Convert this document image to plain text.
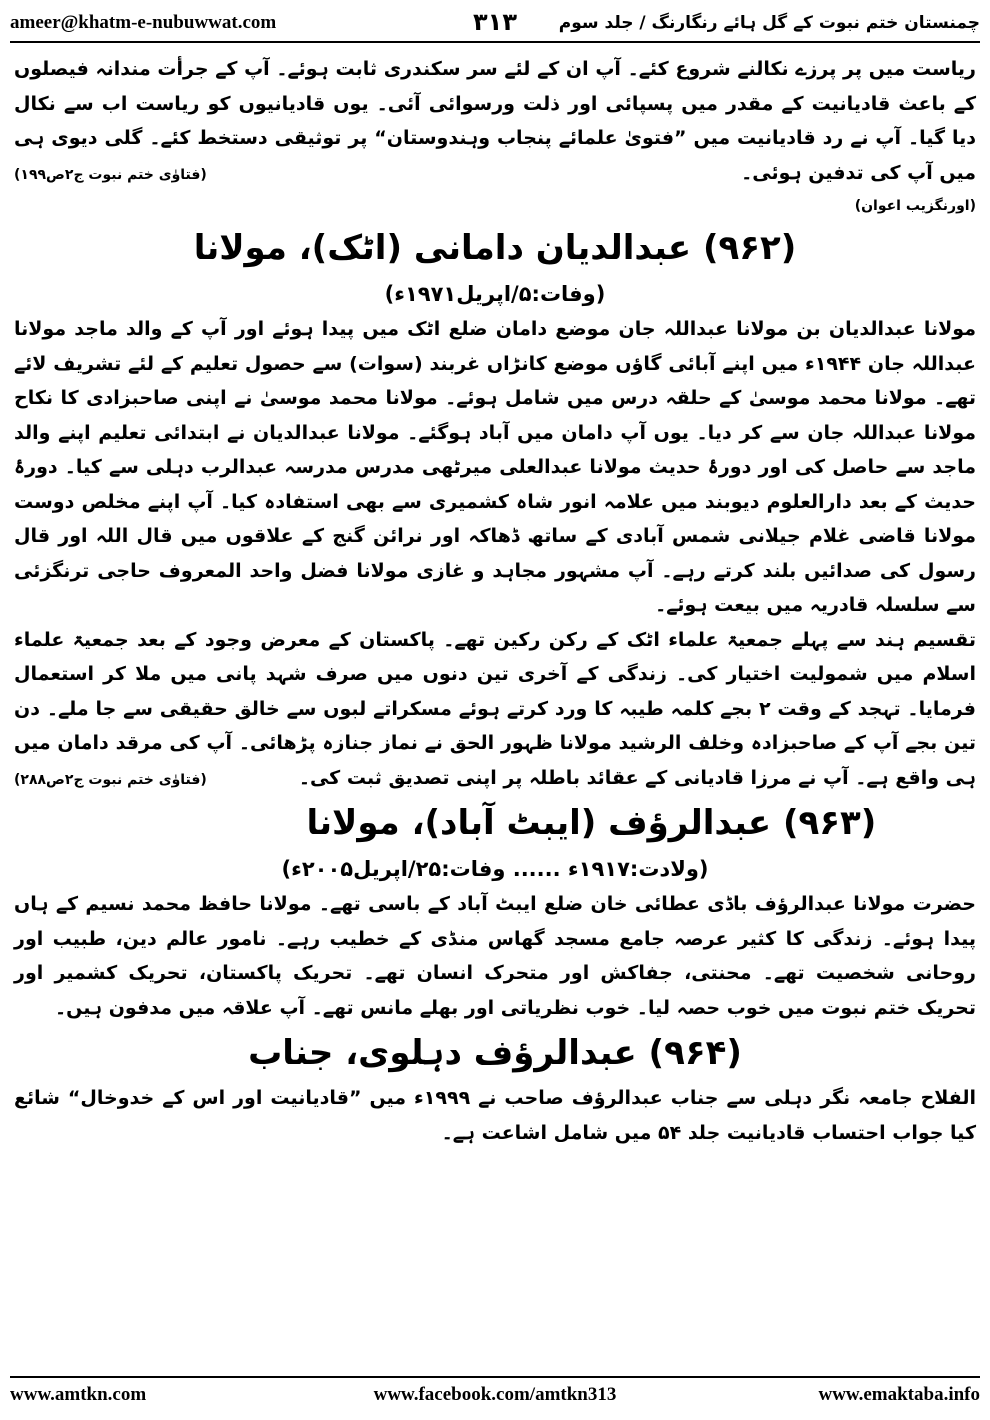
ameer@khatm-e-nubuwwat.com	۳۱۳	چمنستان ختم نبوت کے گل ہائے رنگارنگ / جلد سوم

ریاست میں پر پرزے نکالنے شروع کئے۔ آپ ان کے لئے سر سکندری ثابت ہوئے۔ آپ کے جرأت مندانہ فیصلوں کے باعث قادیانیت کے مقدر میں پسپائی اور ذلت ورسوائی آئی۔ یوں قادیانیوں کو ریاست اب سے نکال دیا گیا۔ آپ نے رد قادیانیت میں ”فتویٰ علمائے پنجاب وہندوستان“ پر توثیقی دستخط کئے۔ گلی دیوی ہی میں آپ کی تدفین ہوئی۔
(فتاوٰی ختم نبوت ج۲ص۱۹۹)

(اورنگزیب اعوان)
(۹۶۲) عبدالدیان دامانی (اٹک)، مولانا
(وفات:۵/اپریل۱۹۷۱ء)

مولانا عبدالدیان بن مولانا عبداللہ جان موضع دامان ضلع اٹک میں پیدا ہوئے اور آپ کے والد ماجد مولانا عبداللہ جان ۱۹۴۴ء میں اپنے آبائی گاؤں موضع کانڑاں غربند (سوات) سے حصول تعلیم کے لئے تشریف لائے تھے۔ مولانا محمد موسیٰ کے حلقہ درس میں شامل ہوئے۔ مولانا محمد موسیٰ نے اپنی صاحبزادی کا نکاح مولانا عبداللہ جان سے کر دیا۔ یوں آپ دامان میں آباد ہوگئے۔ مولانا عبدالدیان نے ابتدائی تعلیم اپنے والد ماجد سے حاصل کی اور دورۂ حدیث مولانا عبدالعلی میرٹھی مدرس مدرسہ عبدالرب دہلی سے کیا۔ دورۂ حدیث کے بعد دارالعلوم دیوبند میں علامہ انور شاہ کشمیری سے بھی استفادہ کیا۔ آپ اپنے مخلص دوست مولانا قاضی غلام جیلانی شمس آبادی کے ساتھ ڈھاکہ اور نرائن گنج کے علاقوں میں قال اللہ اور قال رسول کی صدائیں بلند کرتے رہے۔ آپ مشہور مجاہد و غازی مولانا فضل واحد المعروف حاجی ترنگزئی سے سلسلہ قادریہ میں بیعت ہوئے۔

تقسیم ہند سے پہلے جمعیۃ علماء اٹک کے رکن رکین تھے۔ پاکستان کے معرض وجود کے بعد جمعیۃ علماء اسلام میں شمولیت اختیار کی۔ زندگی کے آخری تین دنوں میں صرف شہد پانی میں ملا کر استعمال فرمایا۔ تہجد کے وقت ۲ بجے کلمہ طیبہ کا ورد کرتے ہوئے مسکراتے لبوں سے خالق حقیقی سے جا ملے۔ دن تین بجے آپ کے صاحبزادہ وخلف الرشید مولانا ظہور الحق نے نماز جنازہ پڑھائی۔ آپ کی مرقد دامان میں ہی واقع ہے۔ آپ نے مرزا قادیانی کے عقائد باطلہ پر اپنی تصدیق ثبت کی۔
(فتاوٰی ختم نبوت ج۲ص۲۸۸)

(۹۶۳) عبدالرؤف (ایبٹ آباد)، مولانا
(ولادت:۱۹۱۷ء ...... وفات:۲۵/اپریل۲۰۰۵ء)

حضرت مولانا عبدالرؤف باڈی عطائی خان ضلع ایبٹ آباد کے باسی تھے۔ مولانا حافظ محمد نسیم کے ہاں پیدا ہوئے۔ زندگی کا کثیر عرصہ جامع مسجد گھاس منڈی کے خطیب رہے۔ نامور عالم دین، طبیب اور روحانی شخصیت تھے۔ محنتی، جفاکش اور متحرک انسان تھے۔ تحریک پاکستان، تحریک کشمیر اور تحریک ختم نبوت میں خوب حصہ لیا۔ خوب نظریاتی اور بھلے مانس تھے۔ آپ علاقہ میں مدفون ہیں۔

(۹۶۴) عبدالرؤف دہلوی، جناب

الفلاح جامعہ نگر دہلی سے جناب عبدالرؤف صاحب نے ۱۹۹۹ء میں ”قادیانیت اور اس کے خدوخال“ شائع کیا جواب احتساب قادیانیت جلد ۵۴ میں شامل اشاعت ہے۔

www.amtkn.com	www.facebook.com/amtkn313	www.emaktaba.info
